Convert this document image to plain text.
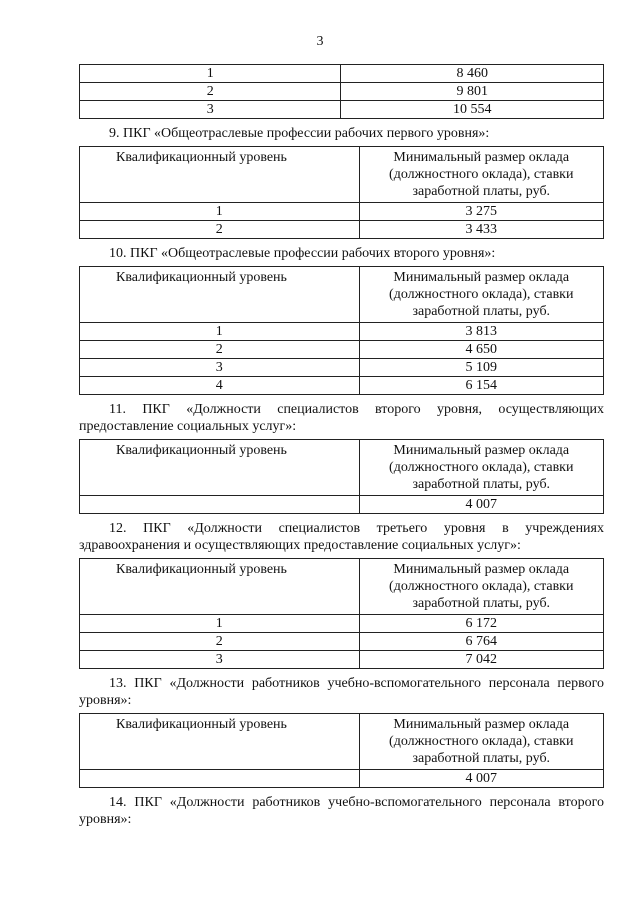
3
1	8 460
2	9 801
3	10 554
9. ПКГ «Общеотраслевые профессии рабочих первого уровня»:
Квалификационный уровень	Минимальный размер оклада (должностного оклада), ставки заработной платы, руб.
1	3 275
2	3 433
10. ПКГ «Общеотраслевые профессии рабочих второго уровня»:
Квалификационный уровень	Минимальный размер оклада (должностного оклада), ставки заработной платы, руб.
1	3 813
2	4 650
3	5 109
4	6 154
11. ПКГ «Должности специалистов второго уровня, осуществляющих предоставление социальных услуг»:
Квалификационный уровень	Минимальный размер оклада (должностного оклада), ставки заработной платы, руб.
	4 007
12. ПКГ «Должности специалистов третьего уровня в учреждениях здравоохранения и осуществляющих предоставление социальных услуг»:
Квалификационный уровень	Минимальный размер оклада (должностного оклада), ставки заработной платы, руб.
1	6 172
2	6 764
3	7 042
13. ПКГ «Должности работников учебно-вспомогательного персонала первого уровня»:
Квалификационный уровень	Минимальный размер оклада (должностного оклада), ставки заработной платы, руб.
	4 007
14. ПКГ «Должности работников учебно-вспомогательного персонала второго уровня»:
